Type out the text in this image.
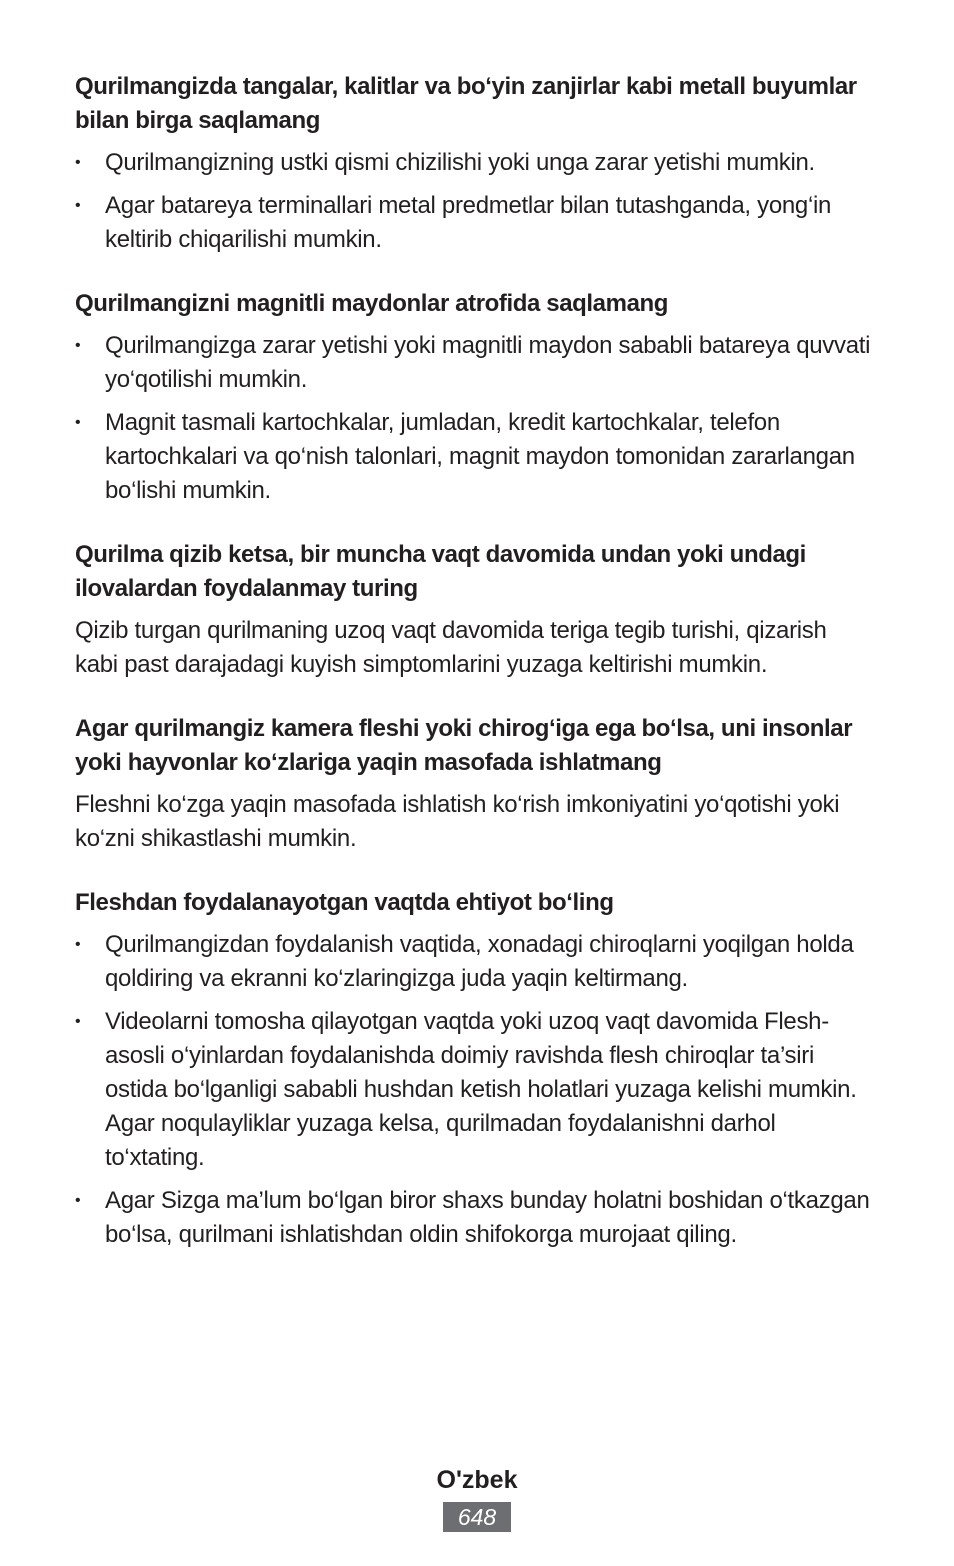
Qurilmangizda tangalar, kalitlar va bo‘yin zanjirlar kabi metall buyumlar bilan birga saqlamang
• Qurilmangizning ustki qismi chizilishi yoki unga zarar yetishi mumkin.
• Agar batareya terminallari metal predmetlar bilan tutashganda, yong‘in keltirib chiqarilishi mumkin.
Qurilmangizni magnitli maydonlar atrofida saqlamang
• Qurilmangizga zarar yetishi yoki magnitli maydon sababli batareya quvvati yo‘qotilishi mumkin.
• Magnit tasmali kartochkalar, jumladan, kredit kartochkalar, telefon kartochkalari va qo‘nish talonlari, magnit maydon tomonidan zararlangan bo‘lishi mumkin.
Qurilma qizib ketsa, bir muncha vaqt davomida undan yoki undagi ilovalardan foydalanmay turing

Qizib turgan qurilmaning uzoq vaqt davomida teriga tegib turishi, qizarish kabi past darajadagi kuyish simptomlarini yuzaga keltirishi mumkin.

Agar qurilmangiz kamera fleshi yoki chirog‘iga ega bo‘lsa, uni insonlar yoki hayvonlar ko‘zlariga yaqin masofada ishlatmang

Fleshni ko‘zga yaqin masofada ishlatish ko‘rish imkoniyatini yo‘qotishi yoki ko‘zni shikastlashi mumkin.

Fleshdan foydalanayotgan vaqtda ehtiyot bo‘ling
• Qurilmangizdan foydalanish vaqtida, xonadagi chiroqlarni yoqilgan holda qoldiring va ekranni ko‘zlaringizga juda yaqin keltirmang.
• Videolarni tomosha qilayotgan vaqtda yoki uzoq vaqt davomida Flesh-asosli o‘yinlardan foydalanishda doimiy ravishda flesh chiroqlar ta’siri ostida bo‘lganligi sababli hushdan ketish holatlari yuzaga kelishi mumkin. Agar noqulayliklar yuzaga kelsa, qurilmadan foydalanishni darhol to‘xtating.
• Agar Sizga ma’lum bo‘lgan biror shaxs bunday holatni boshidan o‘tkazgan bo‘lsa, qurilmani ishlatishdan oldin shifokorga murojaat qiling.
O'zbek
648
